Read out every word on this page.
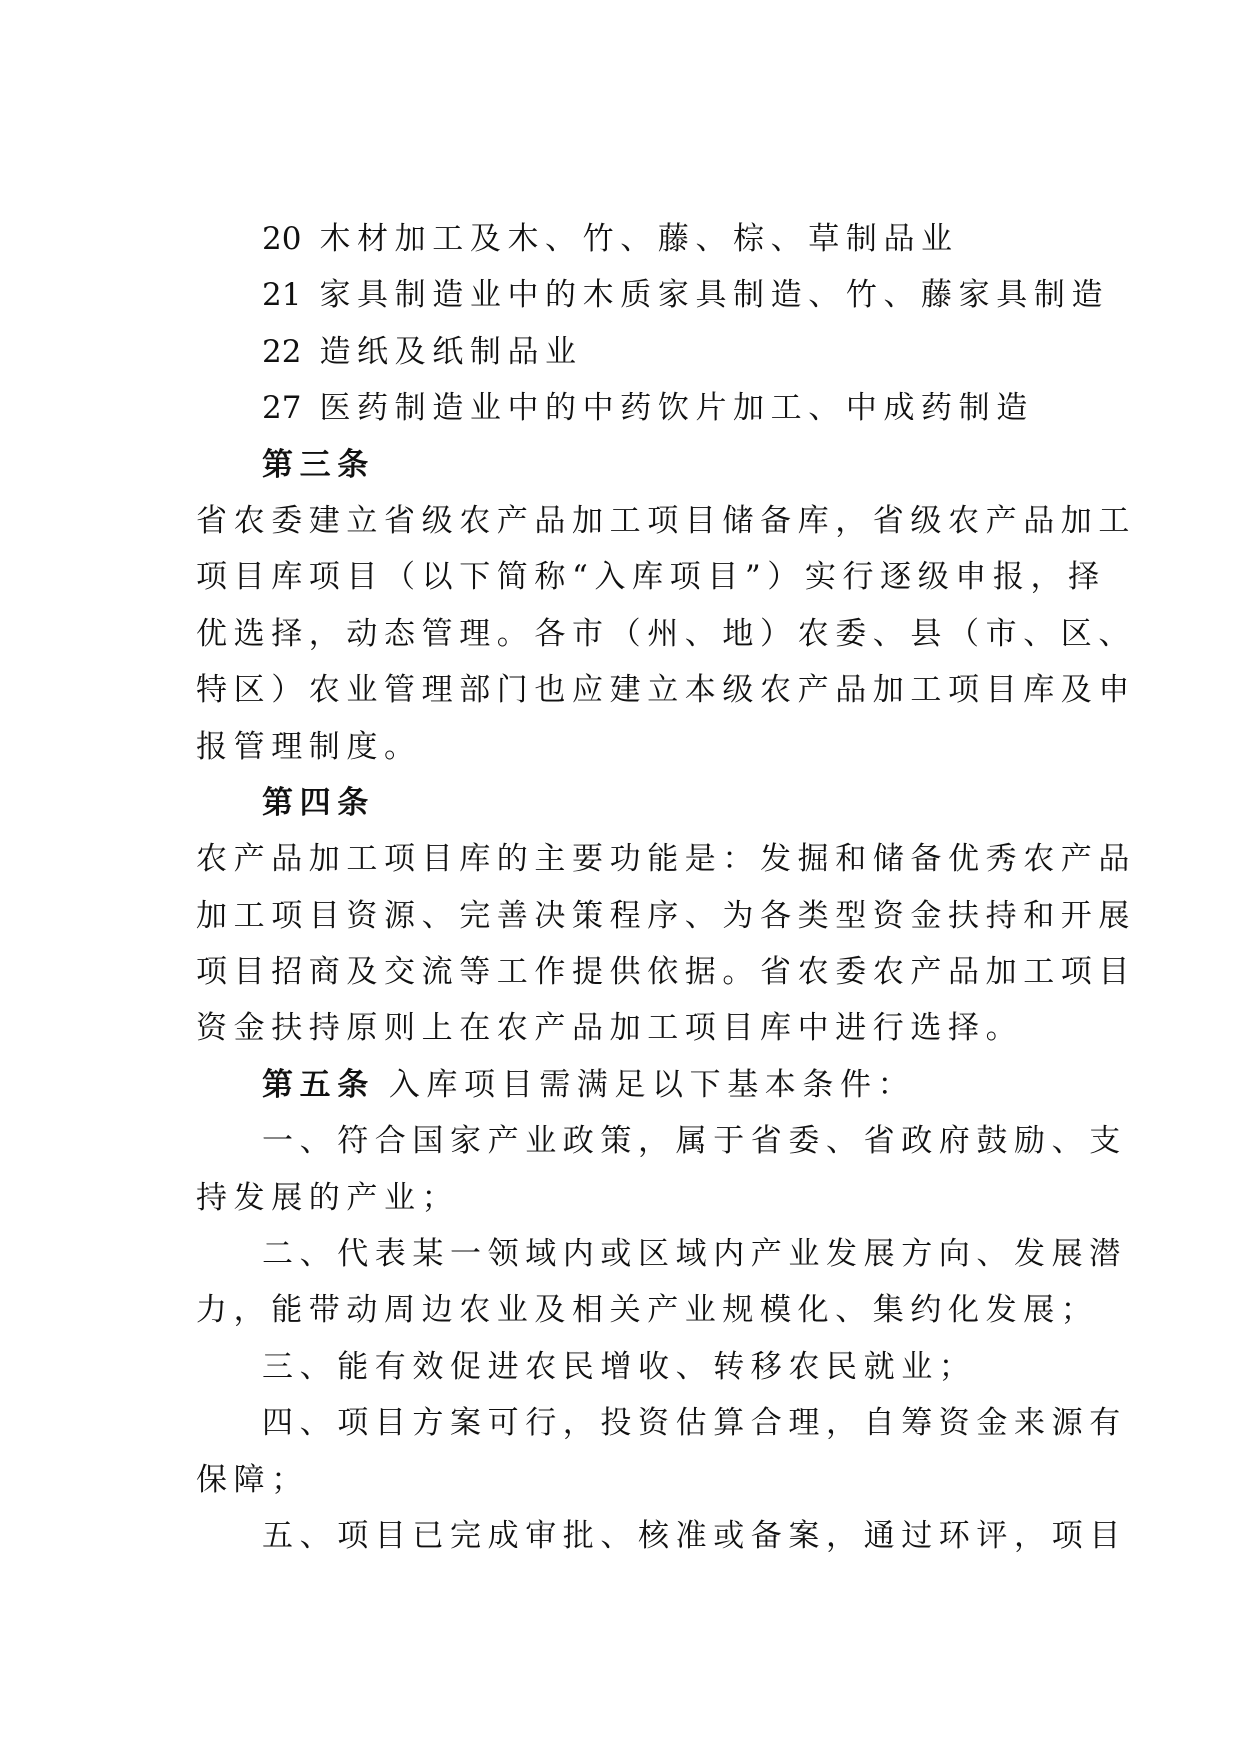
20 木材加工及木、竹、藤、棕、草制品业
21 家具制造业中的木质家具制造、竹、藤家具制造
22 造纸及纸制品业
27 医药制造业中的中药饮片加工、中成药制造
第三条
省农委建立省级农产品加工项目储备库，省级农产品加工
项目库项目（以下简称“入库项目”）实行逐级申报，择
优选择，动态管理。各市（州、地）农委、县（市、区、
特区）农业管理部门也应建立本级农产品加工项目库及申
报管理制度。
第四条
农产品加工项目库的主要功能是：发掘和储备优秀农产品
加工项目资源、完善决策程序、为各类型资金扶持和开展
项目招商及交流等工作提供依据。省农委农产品加工项目
资金扶持原则上在农产品加工项目库中进行选择。
第五条 入库项目需满足以下基本条件：
一、符合国家产业政策，属于省委、省政府鼓励、支
持发展的产业；
二、代表某一领域内或区域内产业发展方向、发展潜
力，能带动周边农业及相关产业规模化、集约化发展；
三、能有效促进农民增收、转移农民就业；
四、项目方案可行，投资估算合理，自筹资金来源有
保障；
五、项目已完成审批、核准或备案，通过环评，项目
